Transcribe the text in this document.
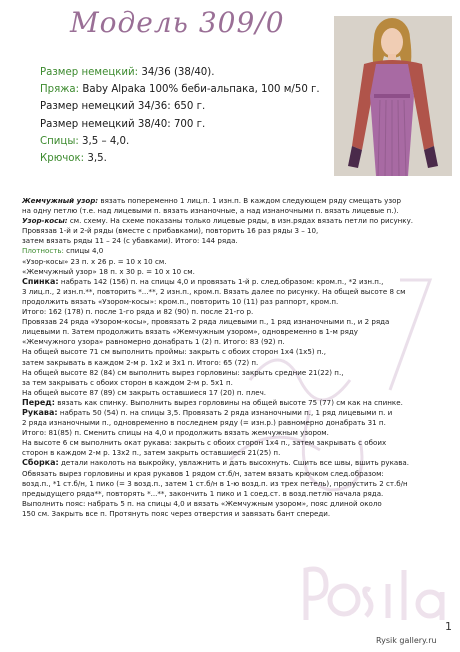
Модель 309/0
Размер немецкий: 34/36 (38/40).
Пряжа: Baby Alpaka 100% беби-альпака, 100 м/50 г.
Размер немецкий 34/36: 650 г.
Размер немецкий 38/40: 700 г.
Спицы: 3,5 – 4,0.
Крючок: 3,5.

Жемчужный узор: вязать попеременно 1 лиц.п. 1 изн.п. В каждом следующем ряду смещать узор

на одну петлю (т.е. над лицевыми п. вязать изнаночные, а над изнаночными п. вязать лицевые п.).

Узор-косы: см. схему. На схеме показаны только лицевые ряды, в изн.рядах вязать петли по рисунку.

Провязав 1-й и 2-й ряды (вместе с прибавками), повторить 16 раз ряды 3 – 10,

затем вязать ряды 11 – 24 (с убавками). Итого: 144 ряда.

Плотность: спицы 4,0

«Узор-косы» 23 п. х 26 р. = 10 х 10 см.

«Жемчужный узор» 18 п. х 30 р. = 10 х 10 см.

Спинка: набрать 142 (156) п. на спицы 4,0 и провязать 1-й р. след.образом: кром.п., *2 изн.п.,

3 лиц.п., 2 изн.п.**, повторить *...**, 2 изн.п., кром.п. Вязать далее по рисунку. На общей высоте 8 см

продолжить вязать «Узором-косы»: кром.п., повторить 10 (11) раз раппорт, кром.п.

Итого: 162 (178) п. после 1-го ряда и 82 (90) п. после 21-го р.

Провязав 24 ряда «Узором-косы», провязать 2 ряда лицевыми п., 1 ряд изнаночными п., и 2 ряда

лицевыми п. Затем продолжить вязать «Жемчужным узором», одновременно в 1-м ряду

«Жемчужного узора» равномерно донабрать 1 (2) п. Итого: 83 (92) п.

На общей высоте 71 см выполнить проймы: закрыть с обоих сторон 1х4 (1х5) п.,

затем закрывать в каждом 2-м р. 1х2 и 3х1 п. Итого: 65 (72) п.

На общей высоте 82 (84) см выполнить вырез горловины: закрыть средние 21(22) п.,

за тем закрывать с обоих сторон в каждом 2-м р. 5х1 п.

На общей высоте 87 (89) см закрыть оставшиеся 17 (20) п. плеч.

Перед: вязать как спинку. Выполнить вырез горловины на общей высоте 75 (77) см как на спинке.

Рукава: набрать 50 (54) п. на спицы 3,5. Провязать 2 ряда изнаночными п., 1 ряд лицевыми п. и

2 ряда изнаночными п., одновременно в последнем ряду (= изн.р.) равномерно донабрать 31 п.

Итого: 81(85) п. Сменить спицы на 4,0 и продолжить вязать жемчужным узором.

На высоте 6 см выполнить окат рукава: закрыть с обоих сторон 1х4 п., затем закрывать с обоих

сторон в каждом 2-м р. 13х2 п., затем закрыть оставшиеся 21(25) п.

Сборка: детали наколоть на выкройку, увлажнить и дать высохнуть. Сшить все швы, вшить рукава.

Обвязать вырез горловины и края рукавов 1 рядом ст.б/н, затем вязать крючком след.образом:

возд.п., *1 ст.б/н, 1 пико (= 3 возд.п., затем 1 ст.б/н в 1-ю возд.п. из трех петель), пропустить 2 ст.б/н

предыдущего ряда**, повторять *...**, закончить 1 пико и 1 соед.ст. в возд.петлю начала ряда.

Выполнить пояс: набрать 5 п. на спицы 4,0 и вязать «Жемчужным узором», пояс длиной около

150 см. Закрыть все п. Протянуть пояс через отверстия и завязать бант спереди.

1
Rysik gallery.ru
